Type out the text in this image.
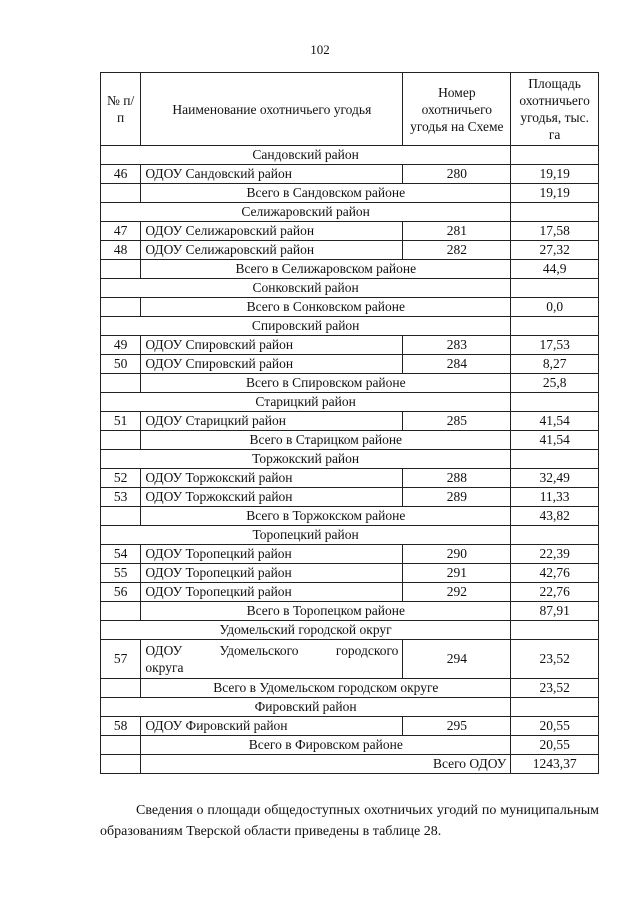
102
№ п/п	Наименование охотничьего угодья	Номер охотничьего угодья на Схеме	Площадь охотничьего угодья, тыс. га
Сандовский район			
46	ОДОУ Сандовский район	280	19,19
	Всего в Сандовском районе		19,19
Селижаровский район			
47	ОДОУ Селижаровский район	281	17,58
48	ОДОУ Селижаровский район	282	27,32
	Всего в Селижаровском районе		44,9
Сонковский район			
	Всего в Сонковском районе		0,0
Спировский район			
49	ОДОУ Спировский район	283	17,53
50	ОДОУ Спировский район	284	8,27
	Всего в Спировском районе		25,8
Старицкий район			
51	ОДОУ Старицкий район	285	41,54
	Всего в Старицком районе		41,54
Торжокский район			
52	ОДОУ Торжокский район	288	32,49
53	ОДОУ Торжокский район	289	11,33
	Всего в Торжокском районе		43,82
Торопецкий район			
54	ОДОУ Торопецкий район	290	22,39
55	ОДОУ Торопецкий район	291	42,76
56	ОДОУ Торопецкий район	292	22,76
	Всего в Торопецком районе		87,91
Удомельский городской округ			
57	ОДОУ Удомельского городского
округа	294	23,52
	Всего в Удомельском городском округе		23,52
Фировский район			
58	ОДОУ Фировский район	295	20,55
	Всего в Фировском районе		20,55
	Всего ОДОУ		1243,37
Сведения о площади общедоступных охотничьих угодий по муниципальным образованиям Тверской области приведены в таблице 28.
